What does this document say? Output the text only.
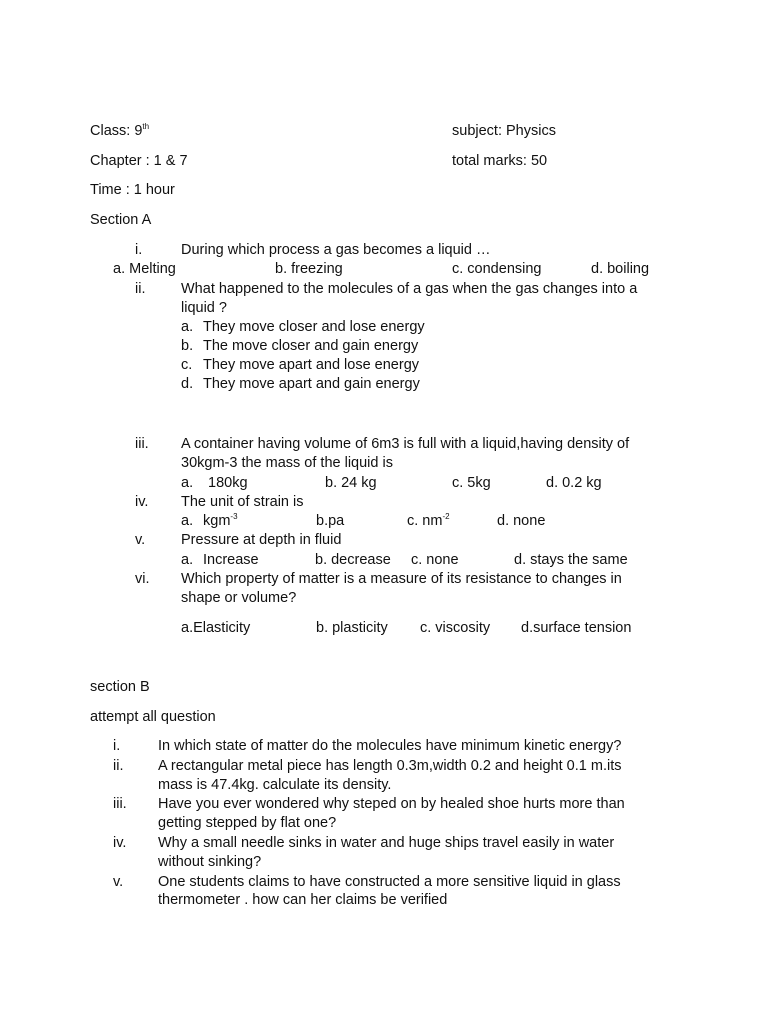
Class: 9th	subject: Physics
Chapter : 1 & 7	total marks: 50
Time : 1 hour
Section A
i.	During which process a gas becomes a liquid …
a. Melting	b. freezing	c. condensing	d. boiling
ii. What happened to the molecules of a gas when the gas changes into a
liquid ?
a. They move closer and lose energy
b. The move closer and gain energy
c. They move apart and lose energy
d. They move apart and gain energy
iii. A container having volume of 6m3 is full with a liquid,having density of
30kgm-3 the mass of the liquid is
a. 180kg	b. 24 kg	c. 5kg	d. 0.2 kg
iv. The unit of strain is
a. kgm$^{-3}$	b.pa	c. $nm^{-2}$	d. none
v. Pressure at depth in fluid
a. Increase	b. decrease c. none	d. stays the same
vi. Which property of matter is a measure of its resistance to changes in
shape or volume?
a.Elasticity	b. plasticity c. viscosity d.surface tension
section B
attempt all question
i.	In which state of matter do the molecules have minimum kinetic energy?
ii. A rectangular metal piece has length 0.3m,width 0.2 and height 0.1 m.its
mass is 47.4kg. calculate its density.
iii. Have you ever wondered why steped on by healed shoe hurts more than
getting stepped by flat one?
iv. Why a small needle sinks in water and huge ships travel easily in water
without sinking?
v. One students claims to have constructed a more sensitive liquid in glass
thermometer . how can her claims be verified
